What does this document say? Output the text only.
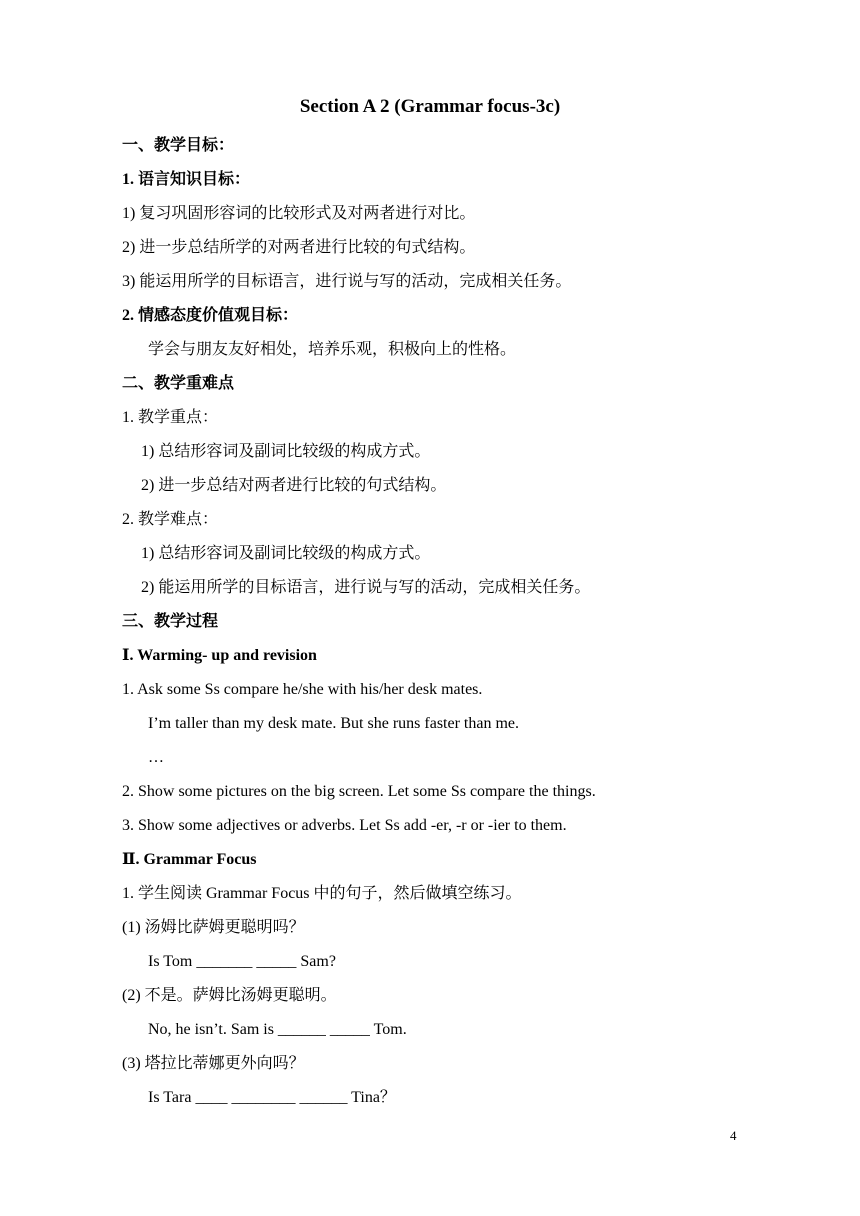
Section A 2 (Grammar focus-3c)
一、教学目标：
1. 语言知识目标：
1) 复习巩固形容词的比较形式及对两者进行对比。
2) 进一步总结所学的对两者进行比较的句式结构。
3) 能运用所学的目标语言，进行说与写的活动，完成相关任务。
2. 情感态度价值观目标：
学会与朋友友好相处，培养乐观，积极向上的性格。
二、教学重难点
1. 教学重点：
1) 总结形容词及副词比较级的构成方式。
2) 进一步总结对两者进行比较的句式结构。
2. 教学难点：
1) 总结形容词及副词比较级的构成方式。
2) 能运用所学的目标语言，进行说与写的活动，完成相关任务。
三、教学过程
Ⅰ. Warming- up and revision
1. Ask some Ss compare he/she with his/her desk mates.
I’m taller than my desk mate. But she runs faster than me.
…
2. Show some pictures on the big screen. Let some Ss compare the things.
3. Show some adjectives or adverbs. Let Ss add -er, -r or -ier to them.
Ⅱ. Grammar Focus
1. 学生阅读 Grammar Focus 中的句子，然后做填空练习。
(1) 汤姆比萨姆更聪明吗？
Is Tom _______ _____ Sam?
(2) 不是。萨姆比汤姆更聪明。
No, he isn’t. Sam is ______ _____ Tom.
(3) 塔拉比蒂娜更外向吗？
Is Tara ____ ________ ______ Tina？
4
